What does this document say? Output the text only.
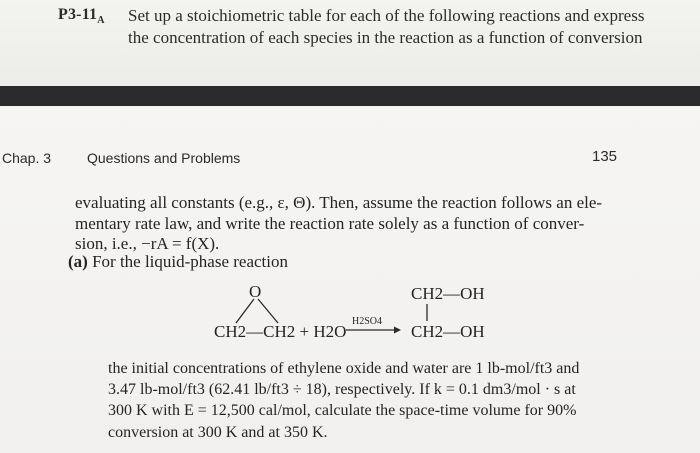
$P3-11_A$ Set up a stoichiometric table for each of the following reactions and express
the concentration of each species in the reaction as a function of conversion
Chap. 3	Questions and Problems	135
evaluating all constants (e.g., ε, Θ). Then, assume the reaction follows an ele-
mentary rate law, and write the reaction rate solely as a function of conver-
sion, i.e., −rA = f(X).
(a) For the liquid-phase reaction
O
CH2—CH2 + H2O
H2SO4
CH2—OH
CH2—OH
the initial concentrations of ethylene oxide and water are 1 lb-mol/ft3 and
3.47 lb-mol/ft3 (62.41 lb/ft3 ÷ 18), respectively. If k = 0.1 dm3/mol · s at
300 K with E = 12,500 cal/mol, calculate the space-time volume for 90%
conversion at 300 K and at 350 K.
